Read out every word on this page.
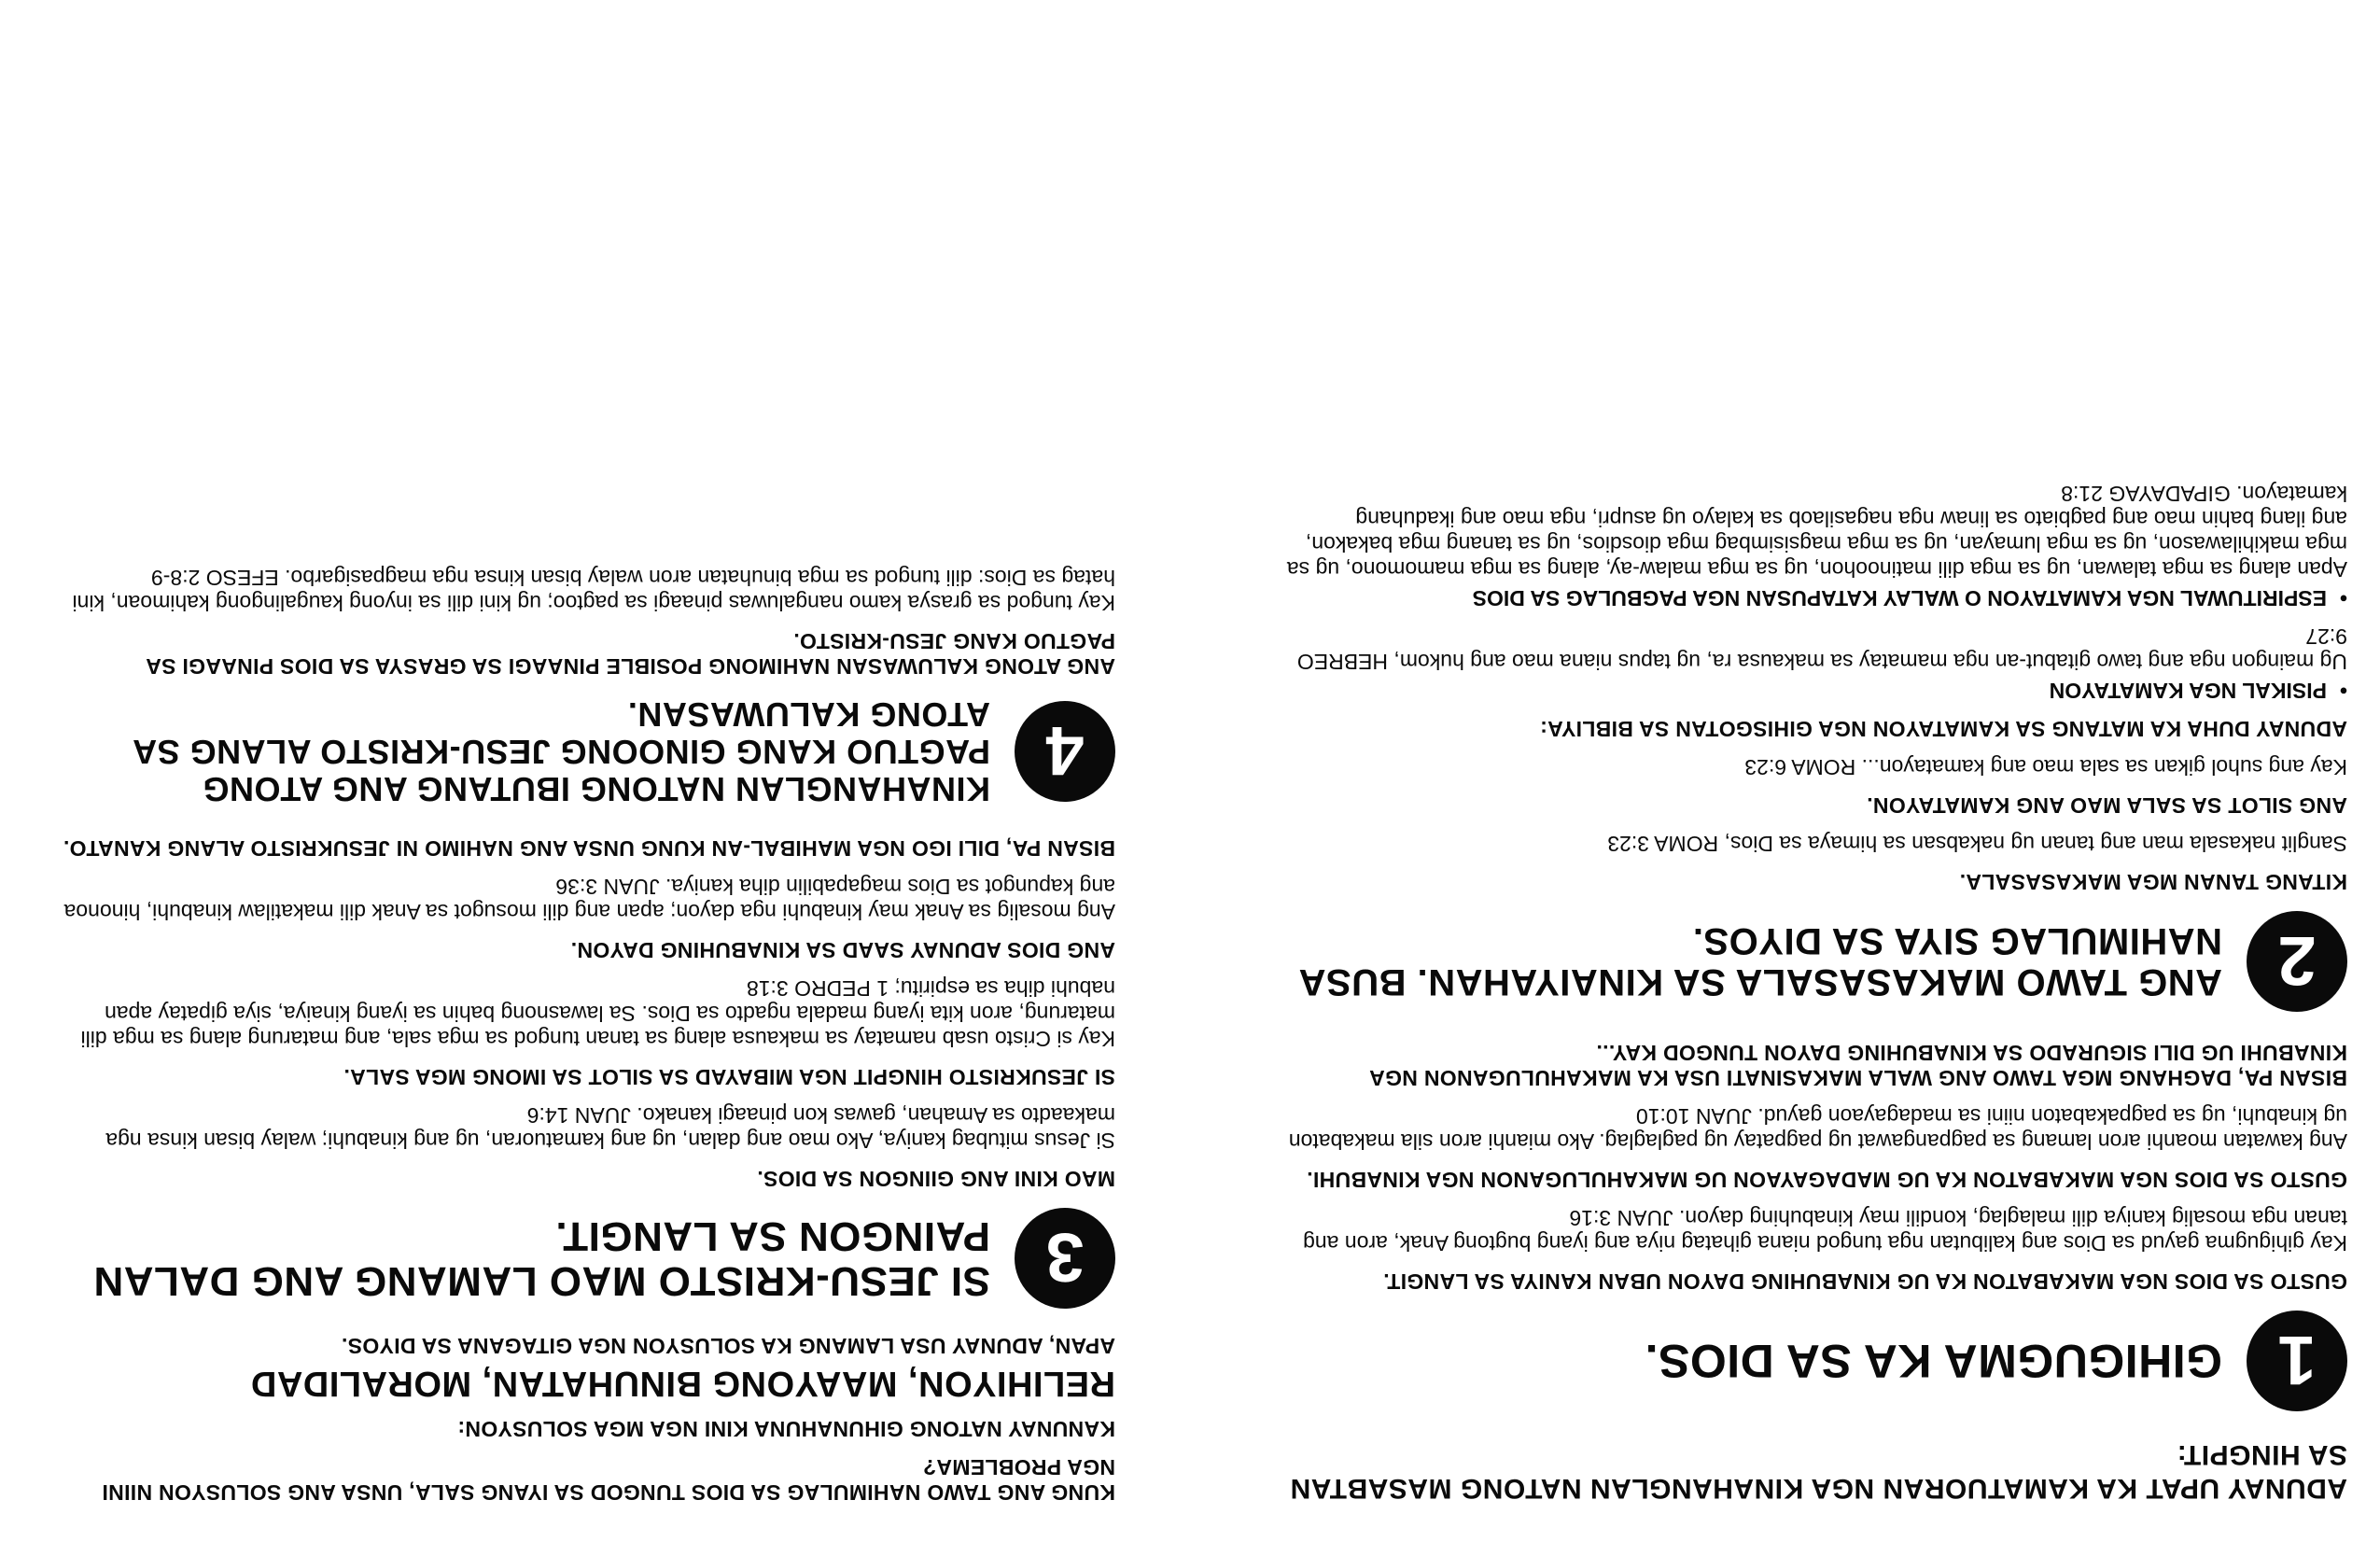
ADUNAY UPAT KA KAMATUORAN NGA KINAHANGLAN NATONG MASABTAN SA HINGPIT:
1
GIHIGUGMA KA SA DIOS.
GUSTO SA DIOS NGA MAKABATON KA UG KINABUHING DAYON UBAN KANIYA SA LANGIT.
Kay gihigugma gayud sa Dios ang kalibutan nga tungod niana gihatag niya ang iyang bugtong Anak, aron ang tanan nga mosalig kaniya dili malaglag, kondili may kinabuhing dayon. JUAN 3:16
GUSTO SA DIOS NGA MAKABATON KA UG MADAGAYAON UG MAKAHULUGANON NGA KINABUHI.
Ang kawatan moanhi aron lamang sa pagpangawat ug pagpatay ug paglaglag. Ako mianhi aron sila makabaton ug kinabuhi, ug sa pagpakabaton niini sa madagayaon gayud. JUAN 10:10
BISAN PA, DAGHANG MGA TAWO ANG WALA MAKASINATI USA KA MAKAHULUGANON NGA KINABUHI UG DILI SIGURADO SA KINABUHING DAYON TUNGOD KAY...
2
ANG TAWO MAKASASALA SA KINAIYAHAN. BUSA NAHIMULAG SIYA SA DIYOS.
KITANG TANAN MGA MAKASASALA.
Sanglit nakasala man ang tanan ug nakabsan sa himaya sa Dios, ROMA 3:23
ANG SILOT SA SALA MAO ANG KAMATAYON.
Kay ang suhol gikan sa sala mao ang kamatayon... ROMA 6:23
ADUNAY DUHA KA MATANG SA KAMATAYON NGA GIHISGOTAN SA BIBLIYA:
• PISIKAL NGA KAMATAYON
Ug maingon nga ang tawo gitabut-an nga mamatay sa makausa ra, ug tapus niana mao ang hukom, HEBREO 9:27
• ESPIRITUWAL NGA KAMATAYON O WALAY KATAPUSAN NGA PAGBULAG SA DIOS
Apan alang sa mga talawan, ug sa mga dili matinoohon, ug sa mga malaw-ay, alang sa mga mamomono, ug sa mga makihilawason, ug sa mga lumayan, ug sa mga magsisimbag mga diosdios, ug sa tanang mga bakakon, ang ilang bahin mao ang pagbiato sa linaw nga nagasilaob sa kalayo ug asupri, nga mao ang ikaduhang kamatayon. GIPADAYAG 21:8
KUNG ANG TAWO NAHIMULAG SA DIOS TUNGOD SA IYANG SALA, UNSA ANG SOLUSYON NIINI NGA PROBLEMA?
KANUNAY NATONG GIHUNAHUNA KINI NGA MGA SOLUSYON:
RELIHIYON, MAAYONG BINUHATAN, MORALIDAD
APAN, ADUNAY USA LAMANG KA SOLUSYON NGA GITAGANA SA DIYOS.
3
SI JESU-KRISTO MAO LAMANG ANG DALAN PAINGON SA LANGIT.
MAO KINI ANG GIINGON SA DIOS.
Si Jesus mitubag kaniya, Ako mao ang dalan, ug ang kamatuoran, ug ang kinabuhi; walay bisan kinsa nga makaadto sa Amahan, gawas kon pinaagi kanako. JUAN 14:6
SI JESUKRISTO HINGPIT NGA MIBAYAD SA SILOT SA IMONG MGA SALA.
Kay si Cristo usab namatay sa makausa alang sa tanan tungod sa mga sala, ang matarung alang sa mga dili matarung, aron kita iyang madala ngadto sa Dios. Sa lawasnong bahin sa iyang kinaiya, siya gipatay apan nabuhi diha sa espiritu; 1 PEDRO 3:18
ANG DIOS ADUNAY SAAD SA KINABUHING DAYON.
Ang mosalig sa Anak may kinabuhi nga dayon; apan ang dili mosugot sa Anak dili makatilaw kinabuhi, hinonoa ang kapungot sa Dios magapabilin diha kaniya. JUAN 3:36
BISAN PA, DILI IGO NGA MAHIBAL-AN KUNG UNSA ANG NAHIMO NI JESUKRISTO ALANG KANATO.
4
KINAHANGLAN NATONG IBUTANG ANG ATONG PAGTUO KANG GINOONG JESU-KRISTO ALANG SA ATONG KALUWASAN.
ANG ATONG KALUWASAN NAHIMONG POSIBLE PINAAGI SA GRASYA SA DIOS PINAAGI SA PAGTUO KANG JESU-KRISTO.
Kay tungod sa grasya kamo nangaluwas pinaagi sa pagtoo; ug kini dili sa inyong kaugalingong kahimoan, kini hatag sa Dios: dili tungod sa mga binuhatan aron walay bisan kinsa nga magpasigarbo. EFESO 2:8-9
